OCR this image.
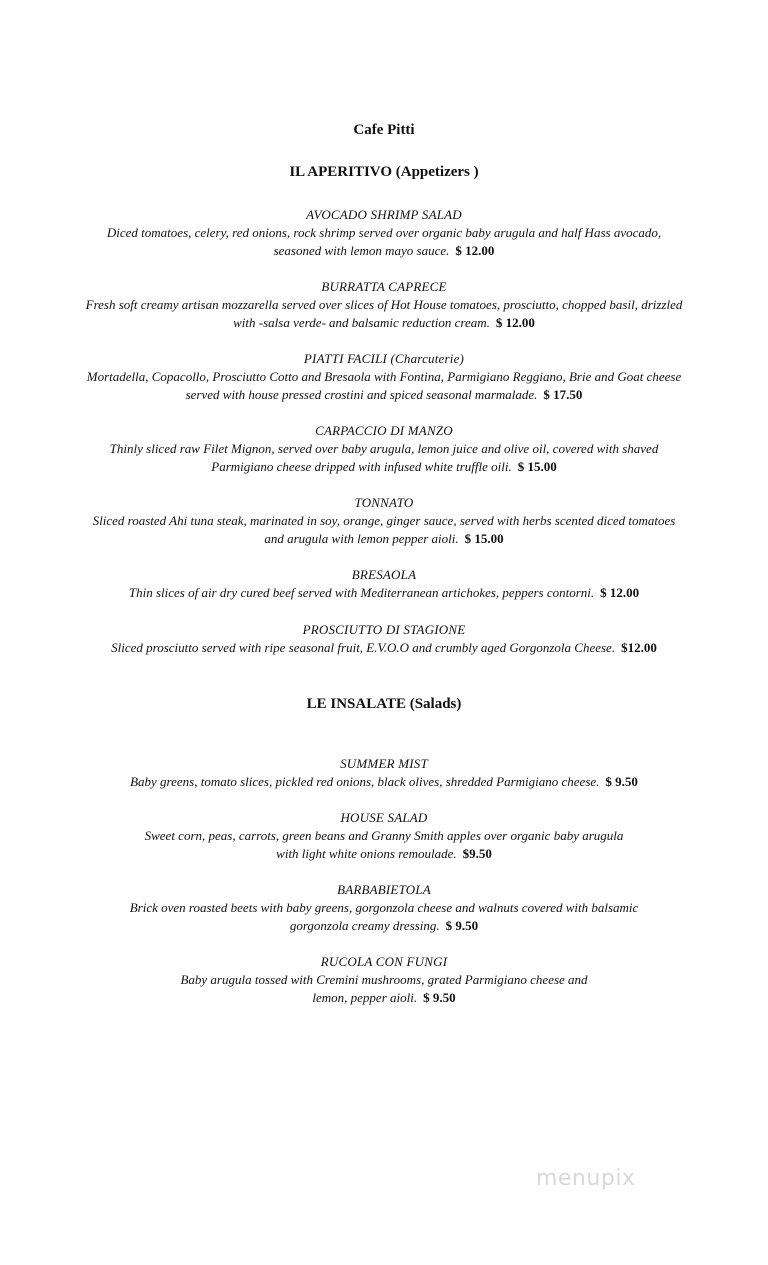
Cafe Pitti
IL APERITIVO (Appetizers )
AVOCADO SHRIMP SALAD
Diced tomatoes, celery, red onions, rock shrimp served over organic baby arugula and half Hass avocado, seasoned with lemon mayo sauce. $ 12.00
BURRATTA CAPRECE
Fresh soft creamy artisan mozzarella served over slices of Hot House tomatoes, prosciutto, chopped basil, drizzled with -salsa verde- and balsamic reduction cream. $ 12.00
PIATTI FACILI (Charcuterie)
Mortadella, Copacollo, Prosciutto Cotto and Bresaola with Fontina, Parmigiano Reggiano, Brie and Goat cheese served with house pressed crostini and spiced seasonal marmalade. $ 17.50
CARPACCIO DI MANZO
Thinly sliced raw Filet Mignon, served over baby arugula, lemon juice and olive oil, covered with shaved Parmigiano cheese dripped with infused white truffle oili. $ 15.00
TONNATO
Sliced roasted Ahi tuna steak, marinated in soy, orange, ginger sauce, served with herbs scented diced tomatoes and arugula with lemon pepper aioli. $ 15.00
BRESAOLA
Thin slices of air dry cured beef served with Mediterranean artichokes, peppers contorni. $ 12.00
PROSCIUTTO DI STAGIONE
Sliced prosciutto served with ripe seasonal fruit, E.V.O.O and crumbly aged Gorgonzola Cheese. $12.00
LE INSALATE (Salads)
SUMMER MIST
Baby greens, tomato slices, pickled red onions, black olives, shredded Parmigiano cheese. $ 9.50
HOUSE SALAD
Sweet corn, peas, carrots, green beans and Granny Smith apples over organic baby arugula with light white onions remoulade. $9.50
BARBABIETOLA
Brick oven roasted beets with baby greens, gorgonzola cheese and walnuts covered with balsamic gorgonzola creamy dressing. $ 9.50
RUCOLA CON FUNGI
Baby arugula tossed with Cremini mushrooms, grated Parmigiano cheese and lemon, pepper aioli. $ 9.50
menupix
